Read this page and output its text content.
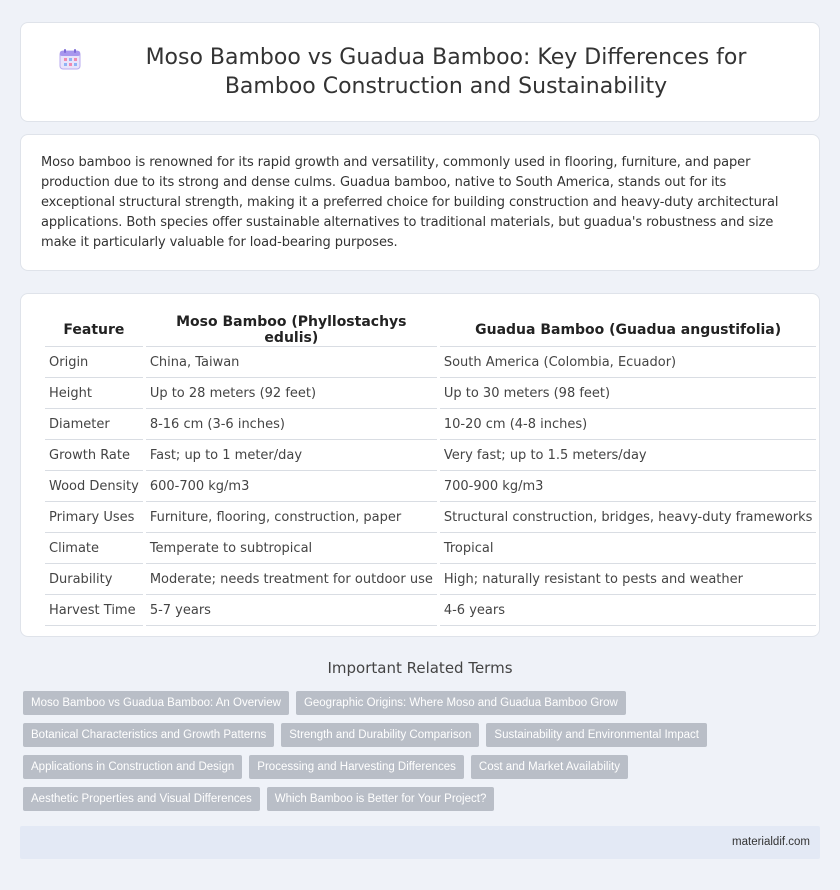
Moso Bamboo vs Guadua Bamboo: Key Differences for Bamboo Construction and Sustainability

Moso bamboo is renowned for its rapid growth and versatility, commonly used in flooring, furniture, and paper production due to its strong and dense culms. Guadua bamboo, native to South America, stands out for its exceptional structural strength, making it a preferred choice for building construction and heavy-duty architectural applications. Both species offer sustainable alternatives to traditional materials, but guadua's robustness and size make it particularly valuable for load-bearing purposes.

Feature	Moso Bamboo (Phyllostachys edulis)	Guadua Bamboo (Guadua angustifolia)
Origin	China, Taiwan	South America (Colombia, Ecuador)
Height	Up to 28 meters (92 feet)	Up to 30 meters (98 feet)
Diameter	8-16 cm (3-6 inches)	10-20 cm (4-8 inches)
Growth Rate	Fast; up to 1 meter/day	Very fast; up to 1.5 meters/day
Wood Density	600-700 kg/m3	700-900 kg/m3
Primary Uses	Furniture, flooring, construction, paper	Structural construction, bridges, heavy-duty frameworks
Climate	Temperate to subtropical	Tropical
Durability	Moderate; needs treatment for outdoor use	High; naturally resistant to pests and weather
Harvest Time	5-7 years	4-6 years
Important Related Terms
Moso Bamboo vs Guadua Bamboo: An Overview	Geographic Origins: Where Moso and Guadua Bamboo Grow
Botanical Characteristics and Growth Patterns	Strength and Durability Comparison	Sustainability and Environmental Impact
Applications in Construction and Design	Processing and Harvesting Differences	Cost and Market Availability
Aesthetic Properties and Visual Differences	Which Bamboo is Better for Your Project?
materialdif.com
